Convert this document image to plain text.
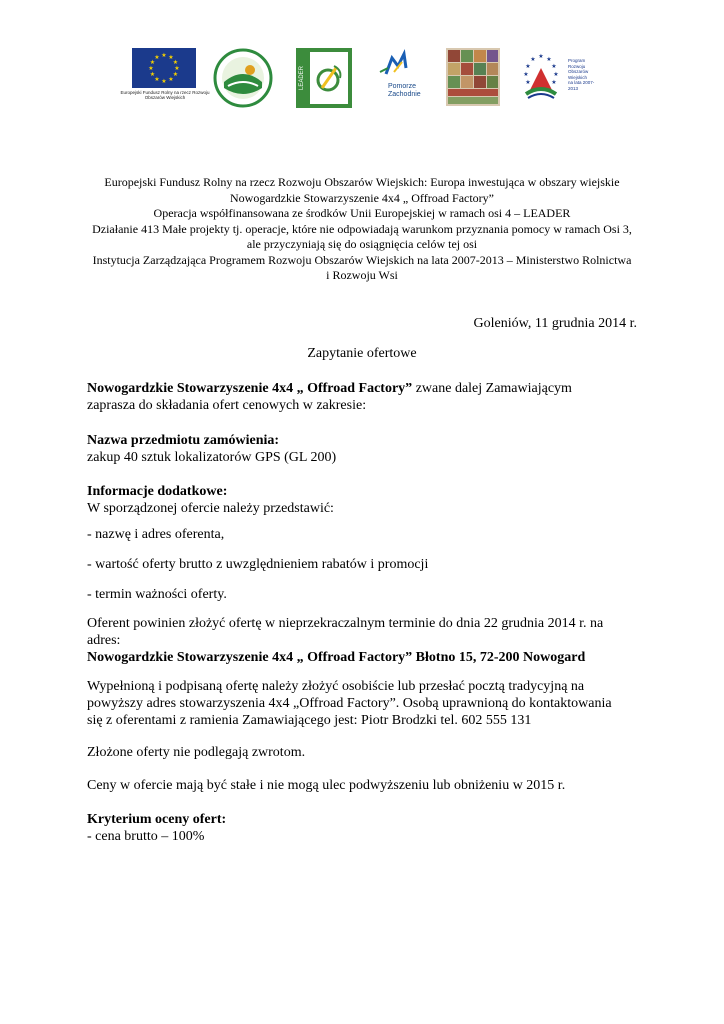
★ ★
★
★
★
★
★
★
★
★
★
★
Europejski Fundusz Rolny na rzecz Rozwoju Obszarów Wiejskich
LEADER	Pomorze
Zachodnie
★ ★
★
★
★
★
★
★
★	Program
Rozwoju
Obszarów
Wiejskich
na lata 2007-2013
Europejski Fundusz Rolny na rzecz Rozwoju Obszarów Wiejskich: Europa inwestująca w obszary wiejskie
Nowogardzkie Stowarzyszenie 4x4 „ Offroad Factory”
Operacja współfinansowana ze środków Unii Europejskiej w ramach osi 4 – LEADER
Działanie 413 Małe projekty tj. operacje, które nie odpowiadają warunkom przyznania pomocy w ramach Osi 3,
ale przyczyniają się do osiągnięcia celów tej osi
Instytucja Zarządzająca Programem Rozwoju Obszarów Wiejskich na lata 2007-2013 – Ministerstwo Rolnictwa
i Rozwoju Wsi
Goleniów, 11 grudnia 2014 r.
Zapytanie ofertowe

Nowogardzkie Stowarzyszenie 4x4 „ Offroad Factory” zwane dalej Zamawiającym

zaprasza do składania ofert cenowych w zakresie:

Nazwa przedmiotu zamówienia:

zakup 40 sztuk lokalizatorów GPS (GL 200)

Informacje dodatkowe:

W sporządzonej ofercie należy przedstawić:

- nazwę i adres oferenta,
- wartość oferty brutto z uwzględnieniem rabatów i promocji
- termin ważności oferty.

Oferent powinien złożyć ofertę w nieprzekraczalnym terminie do dnia 22 grudnia 2014 r. na

adres:

Nowogardzkie Stowarzyszenie 4x4 „ Offroad Factory” Błotno 15, 72-200 Nowogard

Wypełnioną i podpisaną ofertę należy złożyć osobiście lub przesłać pocztą tradycyjną na

powyższy adres stowarzyszenia 4x4 „Offroad Factory”. Osobą uprawnioną do kontaktowania

się z oferentami z ramienia Zamawiającego jest: Piotr Brodzki tel. 602 555 131

Złożone oferty nie podlegają zwrotom.
Ceny w ofercie mają być stałe i nie mogą ulec podwyższeniu lub obniżeniu w 2015 r.

Kryterium oceny ofert:

- cena brutto – 100%
